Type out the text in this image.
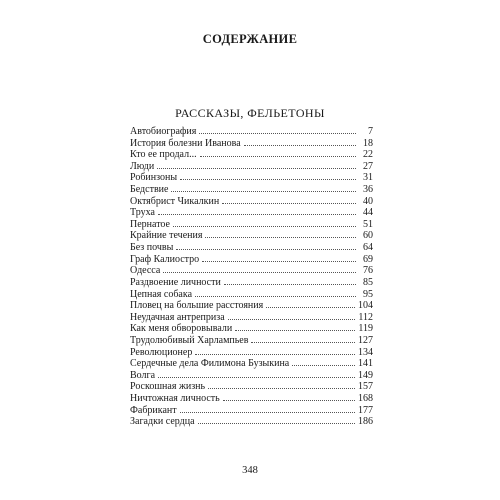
СОДЕРЖАНИЕ
РАССКАЗЫ, ФЕЛЬЕТОНЫ
Автобиография	7
История болезни Иванова	18
Кто ее продал...	22
Люди	27
Робинзоны	31
Бедствие	36
Октябрист Чикалкин	40
Труха	44
Пернатое	51
Крайние течения	60
Без почвы	64
Граф Калиостро	69
Одесса	76
Раздвоение личности	85
Цепная собака	95
Пловец на большие расстояния	104
Неудачная антреприза	112
Как меня обворовывали	119
Трудолюбивый Харлампьев	127
Революционер	134
Сердечные дела Филимона Бузыкина	141
Волга	149
Роскошная жизнь	157
Ничтожная личность	168
Фабрикант	177
Загадки сердца	186
348
